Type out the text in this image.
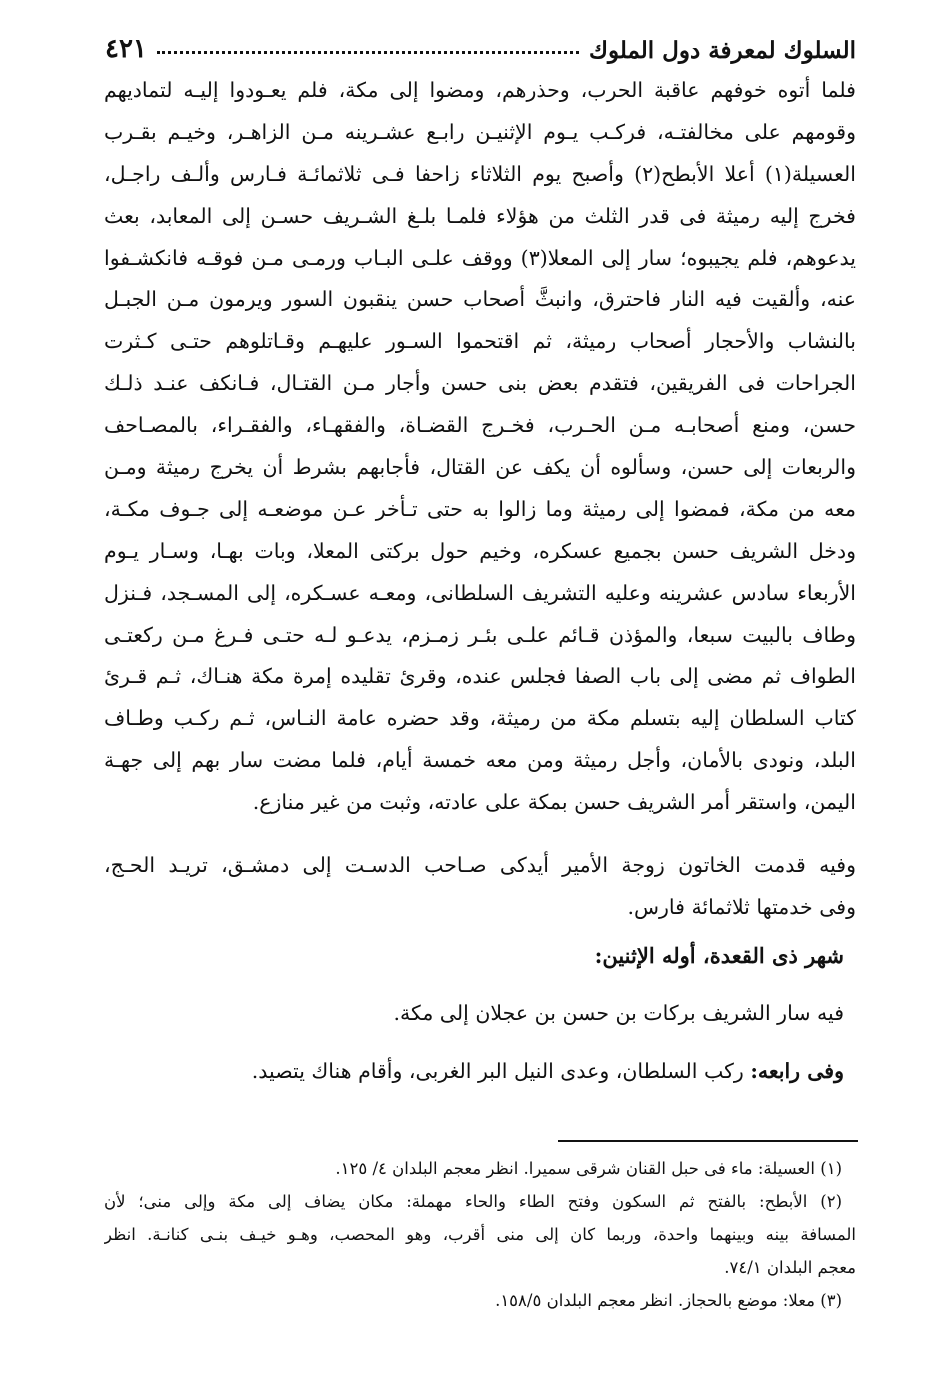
السلوك لمعرفة دول الملوك
٤٢١
فلما أتوه خوفهم عاقبة الحرب، وحذرهم، ومضوا إلى مكة، فلم يعـودوا إليـه لتماديهم
وقومهم على مخالفتـه، فركـب يـوم الإثنيـن رابـع عشـرينه مـن الزاهـر، وخيـم بقـرب
العسيلة(١) أعلا الأبطح(٢) وأصبح يوم الثلاثاء زاحفا فـى ثلاثمائـة فـارس وألـف راجـل،
فخرج إليه رميثة فى قدر الثلث من هؤلاء فلمـا بلـغ الشـريف حسـن إلى المعابد، بعث
يدعوهم، فلم يجيبوه؛ سار إلى المعلا(٣) ووقف علـى البـاب ورمـى مـن فوقـه فانكشـفوا
عنه، وألقيت فيه النار فاحترق، وانبثَّ أصحاب حسن ينقبون السور ويرمون مـن الجبـل
بالنشاب والأحجار أصحاب رميثة، ثم اقتحموا السـور عليهـم وقـاتلوهم حتـى كـثرت
الجراحات فى الفريقين، فتقدم بعض بنى حسن وأجار مـن القتـال، فـانكف عنـد ذلـك
حسن، ومنع أصحابـه مـن الحـرب، فخـرج القضـاة، والفقهـاء، والفقـراء، بالمصـاحف
والربعات إلى حسن، وسألوه أن يكف عن القتال، فأجابهم بشرط أن يخرج رميثة ومـن
معه من مكة، فمضوا إلى رميثة وما زالوا به حتى تـأخر عـن موضعـه إلى جـوف مكـة،
ودخل الشريف حسن بجميع عسكره، وخيم حول بركتى المعلا، وبات بهـا، وسـار يـوم
الأربعاء سادس عشرينه وعليه التشريف السلطانى، ومعـه عسـكره، إلى المسـجد، فـنزل
وطاف بالبيت سبعا، والمؤذن قـائم علـى بئـر زمـزم، يدعـو لـه حتـى فـرغ مـن ركعتـى
الطواف ثم مضى إلى باب الصفا فجلس عنده، وقرئ تقليده إمرة مكة هنـاك، ثـم قـرئ
كتاب السلطان إليه بتسلم مكة من رميثة، وقد حضره عامة النـاس، ثـم ركـب وطـاف
البلد، ونودى بالأمان، وأجل رميثة ومن معه خمسة أيام، فلما مضت سار بهم إلى جهـة
اليمن، واستقر أمر الشريف حسن بمكة على عادته، وثبت من غير منازع.
وفيه قدمت الخاتون زوجة الأمير أيدكى صـاحب الدسـت إلى دمشـق، تريـد الحـج،
وفى خدمتها ثلاثمائة فارس.
شهر ذى القعدة، أوله الإثنين:
فيه سار الشريف بركات بن حسن بن عجلان إلى مكة.
وفى رابعه: ركب السلطان، وعدى النيل البر الغربى، وأقام هناك يتصيد.
(١) العسيلة: ماء فى حبل القنان شرقى سميرا. انظر معجم البلدان ٤/ ١٢٥.
(٢) الأبطح: بالفتح ثم السكون وفتح الطاء والحاء مهملة: مكان يضاف إلى مكة وإلى منى؛ لأن
المسافة بينه وبينهما واحدة، وربما كان إلى منى أقرب، وهو المحصب، وهـو خيـف بنـى كنانـة. انظر
معجم البلدان ٧٤/١.
(٣) معلا: موضع بالحجاز. انظر معجم البلدان ١٥٨/٥.
